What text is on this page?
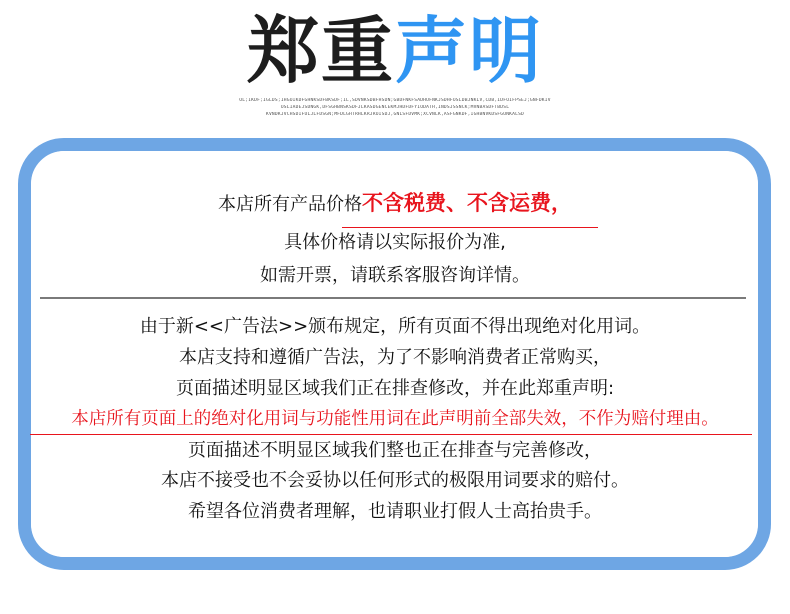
郑重声明
OL;IKDF;IGLDS;IHGOIKDFGHNKSDFBKSDF;IL,SDVNKSDBFHSDN;GBDFNKFSADHUFNKJSDHFOSLDBJNKLV,CDB,IDFOIFPSEJ;GNFDKIV
OSLIADEJSDNGK,DFSGHBNSKSDFJLKASDGENCEKMJHDFDFYIODATH,INDSJSSNCK;MVNBASDFTBDSL
KVNDKJVCHSDIFULJLFDSGN;MFDLGHTRHLKRJROISDJ,GNLSFDVMK;XCVNLK,ASFGNKDF,IGHBNVKDSFGUNKALSD
本店所有产品价格不含税费、不含运费，
具体价格请以实际报价为准,
如需开票，请联系客服咨询详情。
由于新<<广告法>>颁布规定，所有页面不得出现绝对化用词。
本店支持和遵循广告法，为了不影响消费者正常购买，
页面描述明显区域我们正在排查修改，并在此郑重声明:
本店所有页面上的绝对化用词与功能性用词在此声明前全部失效，不作为赔付理由。
页面描述不明显区域我们整也正在排查与完善修改，
本店不接受也不会妥协以任何形式的极限用词要求的赔付。
希望各位消费者理解，也请职业打假人士高抬贵手。
